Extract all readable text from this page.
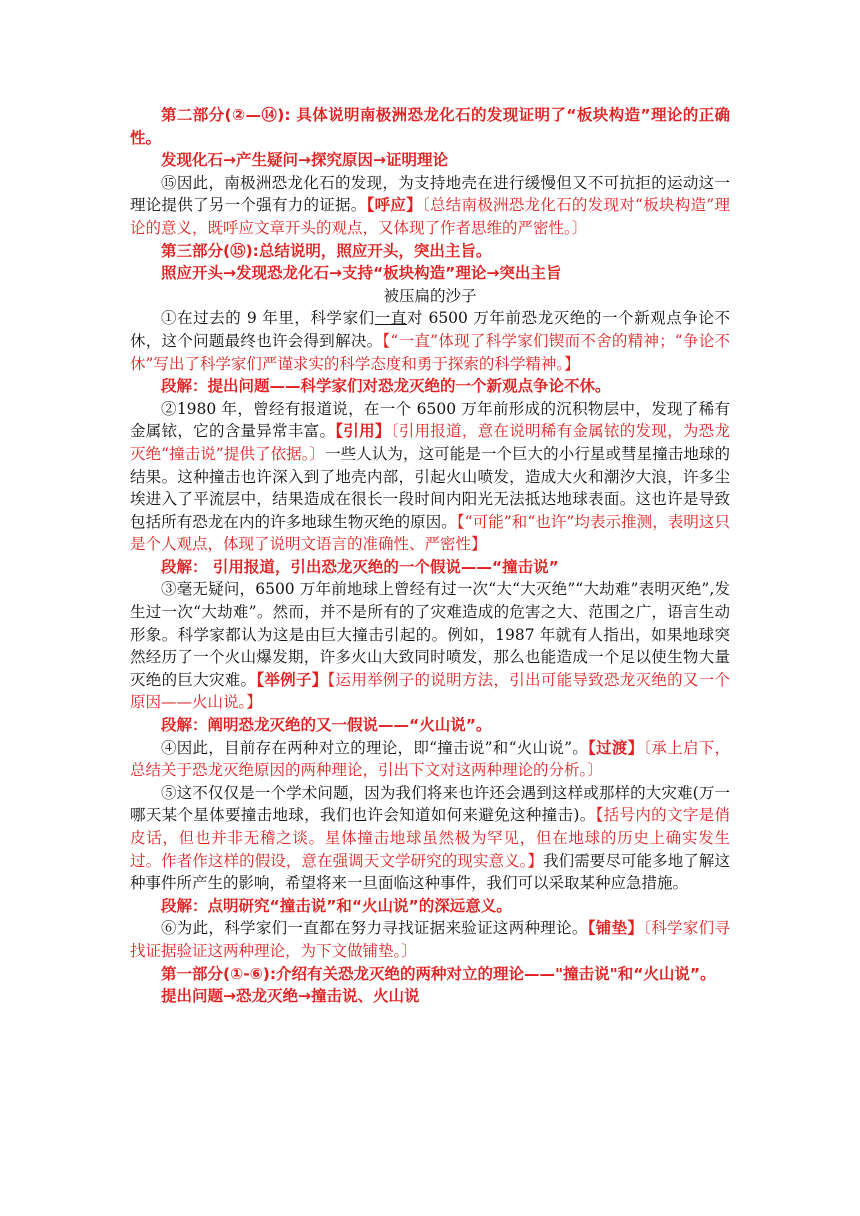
第二部分(②—⑭): 具体说明南极洲恐龙化石的发现证明了“板块构造”理论的正确性。

发现化石→产生疑问→探究原因→证明理论

⑮因此，南极洲恐龙化石的发现，为支持地壳在进行缓慢但又不可抗拒的运动这一理论提供了另一个强有力的证据。【呼应】〔总结南极洲恐龙化石的发现对“板块构造”理论的意义，既呼应文章开头的观点，又体现了作者思维的严密性。〕

第三部分(⑮):总结说明，照应开头，突出主旨。

照应开头→发现恐龙化石→支持“板块构造”理论→突出主旨

被压扁的沙子

①在过去的 9 年里，科学家们一直对 6500 万年前恐龙灭绝的一个新观点争论不休，这个问题最终也许会得到解决。【“一直”体现了科学家们锲而不舍的精神；“争论不休”写出了科学家们严谨求实的科学态度和勇于探索的科学精神。】

段解：提出问题——科学家们对恐龙灭绝的一个新观点争论不休。

②1980 年，曾经有报道说，在一个 6500 万年前形成的沉积物层中，发现了稀有金属铱，它的含量异常丰富。【引用】〔引用报道，意在说明稀有金属铱的发现，为恐龙灭绝“撞击说”提供了依据。〕一些人认为，这可能是一个巨大的小行星或彗星撞击地球的结果。这种撞击也许深入到了地壳内部，引起火山喷发，造成大火和潮汐大浪，许多尘埃进入了平流层中，结果造成在很长一段时间内阳光无法抵达地球表面。这也许是导致包括所有恐龙在内的许多地球生物灭绝的原因。【“可能”和“也许”均表示推测，表明这只是个人观点，体现了说明文语言的准确性、严密性】

段解： 引用报道，引出恐龙灭绝的一个假说——“撞击说”

③毫无疑问，6500 万年前地球上曾经有过一次“大“大灭绝”“大劫难”表明灭绝”,发生过一次“大劫难”。然而，并不是所有的了灾难造成的危害之大、范围之广，语言生动形象。科学家都认为这是由巨大撞击引起的。例如，1987 年就有人指出，如果地球突然经历了一个火山爆发期，许多火山大致同时喷发，那么也能造成一个足以使生物大量灭绝的巨大灾难。【举例子】【运用举例子的说明方法，引出可能导致恐龙灭绝的又一个原因——火山说。】

段解：阐明恐龙灭绝的又一假说——“火山说”。

④因此，目前存在两种对立的理论，即“撞击说”和“火山说”。【过渡】〔承上启下，总结关于恐龙灭绝原因的两种理论，引出下文对这两种理论的分析。〕

⑤这不仅仅是一个学术问题，因为我们将来也许还会遇到这样或那样的大灾难(万一哪天某个星体要撞击地球，我们也许会知道如何来避免这种撞击)。【括号内的文字是俏皮话，但也并非无稽之谈。星体撞击地球虽然极为罕见，但在地球的历史上确实发生过。作者作这样的假设，意在强调天文学研究的现实意义。】我们需要尽可能多地了解这种事件所产生的影响，希望将来一旦面临这种事件，我们可以采取某种应急措施。

段解：点明研究“撞击说”和“火山说”的深远意义。

⑥为此，科学家们一直都在努力寻找证据来验证这两种理论。【铺垫】〔科学家们寻找证据验证这两种理论，为下文做铺垫。〕

第一部分(①-⑥):介绍有关恐龙灭绝的两种对立的理论——"撞击说"和“火山说”。

提出问题→恐龙灭绝→撞击说、火山说
